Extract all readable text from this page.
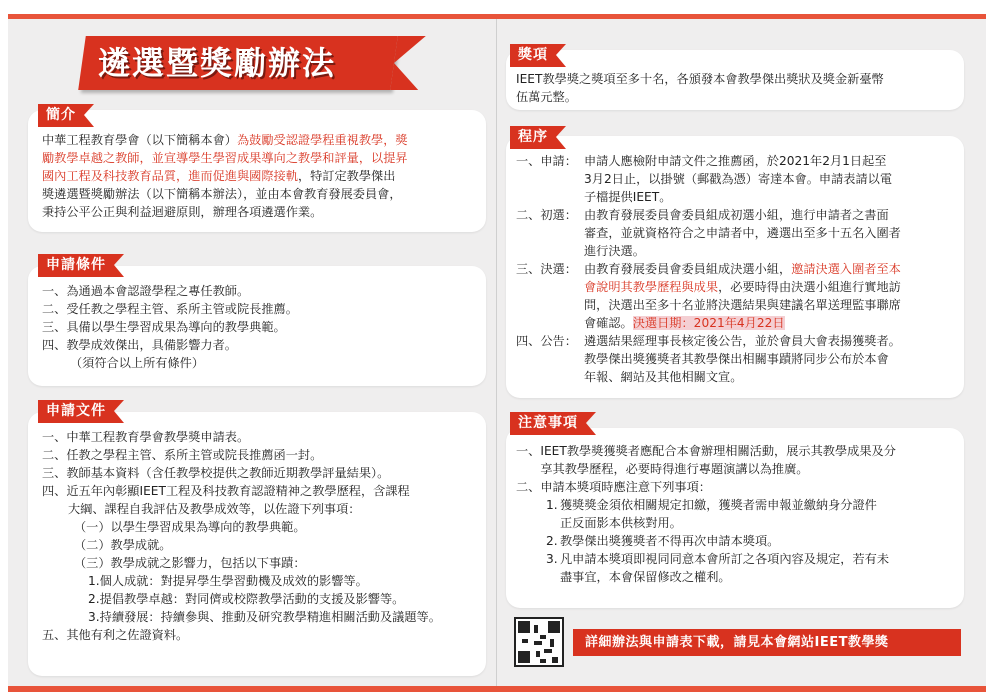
遴選暨獎勵辦法
簡介
中華工程教育學會（以下簡稱本會）為鼓勵受認證學程重視教學，獎
勵教學卓越之教師，並宣導學生學習成果導向之教學和評量，以提昇
國內工程及科技教育品質，進而促進與國際接軌，特訂定教學傑出
獎遴選暨獎勵辦法（以下簡稱本辦法），並由本會教育發展委員會，
秉持公平公正與利益迴避原則，辦理各項遴選作業。
申請條件
一、 為通過本會認證學程之專任教師。
二、 受任教之學程主管、系所主管或院長推薦。
三、 具備以學生學習成果為導向的教學典範。
四、 教學成效傑出，具備影響力者。
（須符合以上所有條件）
申請文件
一、 中華工程教育學會教學獎申請表。
二、 任教之學程主管、系所主管或院長推薦函一封。
三、 教師基本資料（含任教學校提供之教師近期教學評量結果）。
四、 近五年內彰顯IEET工程及科技教育認證精神之教學歷程，含課程
大綱、課程自我評估及教學成效等，以佐證下列事項：
（一）以學生學習成果為導向的教學典範。
（二）教學成就。
（三）教學成就之影響力，包括以下事蹟：
1.個人成就：對提昇學生學習動機及成效的影響等。
2.提倡教學卓越：對同儕或校際教學活動的支援及影響等。
3.持續發展：持續參與、推動及研究教學精進相關活動及議題等。
五、 其他有利之佐證資料。
獎項
IEET教學獎之獎項至多十名，各頒發本會教學傑出獎狀及獎金新臺幣
伍萬元整。
程序
一、申請： 申請人應檢附申請文件之推薦函，於2021年2月1日起至
3月2日止，以掛號（郵戳為憑）寄達本會。申請表請以電
子檔提供IEET。
二、初選： 由教育發展委員會委員組成初選小組，進行申請者之書面
審查，並就資格符合之申請者中，遴選出至多十五名入圍者
進行決選。
三、決選： 由教育發展委員會委員組成決選小組，邀請決選入圍者至本
會說明其教學歷程與成果，必要時得由決選小組進行實地訪
問，決選出至多十名並將決選結果與建議名單送理監事聯席
會確認。決選日期：2021年4月22日
四、公告： 遴選結果經理事長核定後公告，並於會員大會表揚獲獎者。
教學傑出獎獲獎者其教學傑出相關事蹟將同步公布於本會
年報、網站及其他相關文宣。
注意事項
一、 IEET教學獎獲獎者應配合本會辦理相關活動，展示其教學成果及分
享其教學歷程，必要時得進行專題演講以為推廣。
二、 申請本獎項時應注意下列事項：
1. 獲獎獎金須依相關規定扣繳，獲獎者需申報並繳納身分證件
正反面影本供核對用。
2. 教學傑出獎獲獎者不得再次申請本獎項。
3. 凡申請本獎項即視同同意本會所訂之各項內容及規定，若有未
盡事宜，本會保留修改之權利。
詳細辦法與申請表下載，請見本會網站IEET教學獎
